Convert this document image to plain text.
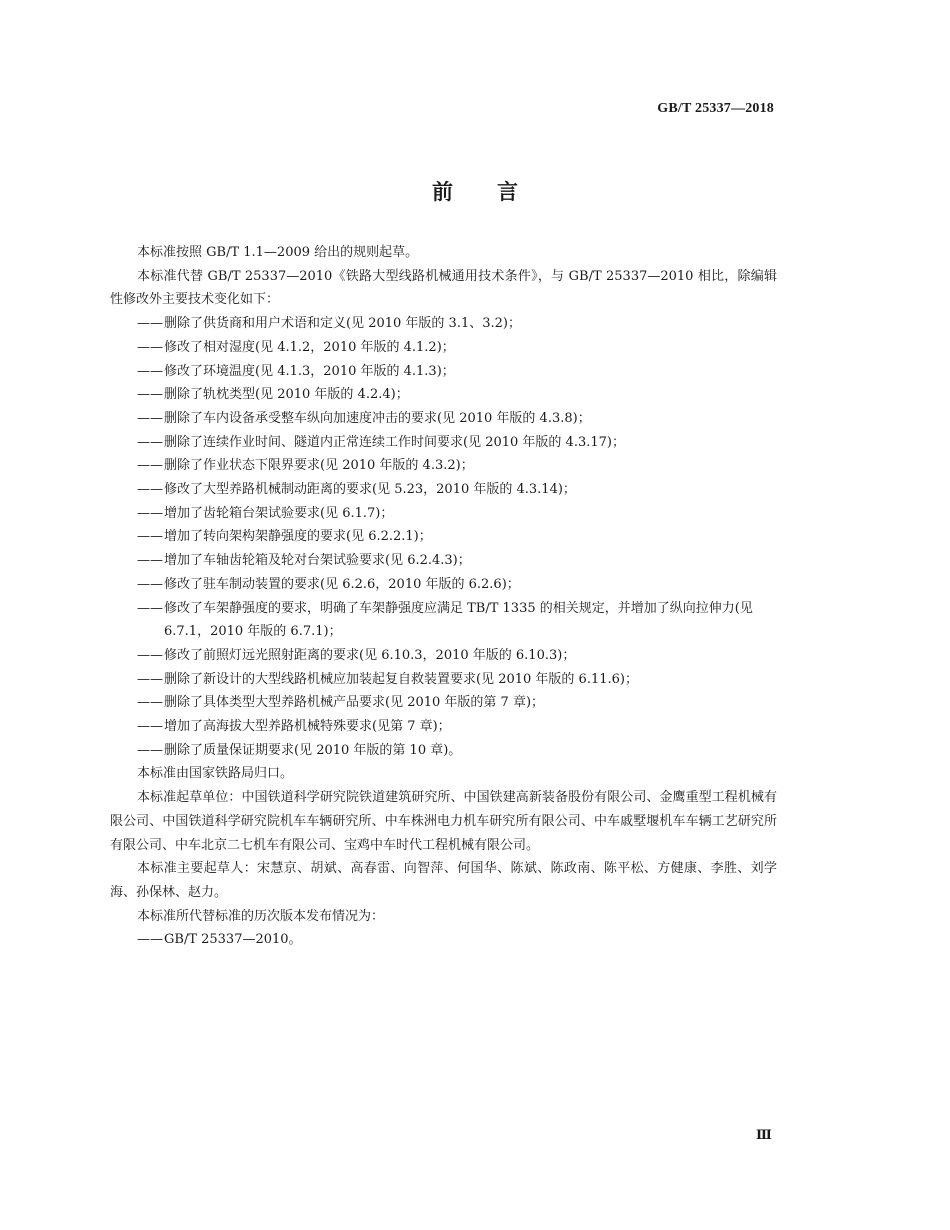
GB/T 25337—2018
前言

本标准按照 GB/T 1.1—2009 给出的规则起草。

本标准代替 GB/T 25337—2010《铁路大型线路机械通用技术条件》，与 GB/T 25337—2010 相比，除编辑性修改外主要技术变化如下：

——删除了供货商和用户术语和定义(见 2010 年版的 3.1、3.2)；

——修改了相对湿度(见 4.1.2，2010 年版的 4.1.2)；

——修改了环境温度(见 4.1.3，2010 年版的 4.1.3)；

——删除了轨枕类型(见 2010 年版的 4.2.4)；

——删除了车内设备承受整车纵向加速度冲击的要求(见 2010 年版的 4.3.8)；

——删除了连续作业时间、隧道内正常连续工作时间要求(见 2010 年版的 4.3.17)；

——删除了作业状态下限界要求(见 2010 年版的 4.3.2)；

——修改了大型养路机械制动距离的要求(见 5.23，2010 年版的 4.3.14)；

——增加了齿轮箱台架试验要求(见 6.1.7)；

——增加了转向架构架静强度的要求(见 6.2.2.1)；

——增加了车轴齿轮箱及轮对台架试验要求(见 6.2.4.3)；

——修改了驻车制动装置的要求(见 6.2.6，2010 年版的 6.2.6)；

——修改了车架静强度的要求，明确了车架静强度应满足 TB/T 1335 的相关规定，并增加了纵向拉伸力(见 6.7.1，2010 年版的 6.7.1)；

——修改了前照灯远光照射距离的要求(见 6.10.3，2010 年版的 6.10.3)；

——删除了新设计的大型线路机械应加装起复自救装置要求(见 2010 年版的 6.11.6)；

——删除了具体类型大型养路机械产品要求(见 2010 年版的第 7 章)；

——增加了高海拔大型养路机械特殊要求(见第 7 章)；

——删除了质量保证期要求(见 2010 年版的第 10 章)。

本标准由国家铁路局归口。

本标准起草单位：中国铁道科学研究院铁道建筑研究所、中国铁建高新装备股份有限公司、金鹰重型工程机械有限公司、中国铁道科学研究院机车车辆研究所、中车株洲电力机车研究所有限公司、中车戚墅堰机车车辆工艺研究所有限公司、中车北京二七机车有限公司、宝鸡中车时代工程机械有限公司。

本标准主要起草人：宋慧京、胡斌、高春雷、向智萍、何国华、陈斌、陈政南、陈平松、方健康、李胜、刘学海、孙保林、赵力。

本标准所代替标准的历次版本发布情况为：

——GB/T 25337—2010。

Ⅲ
